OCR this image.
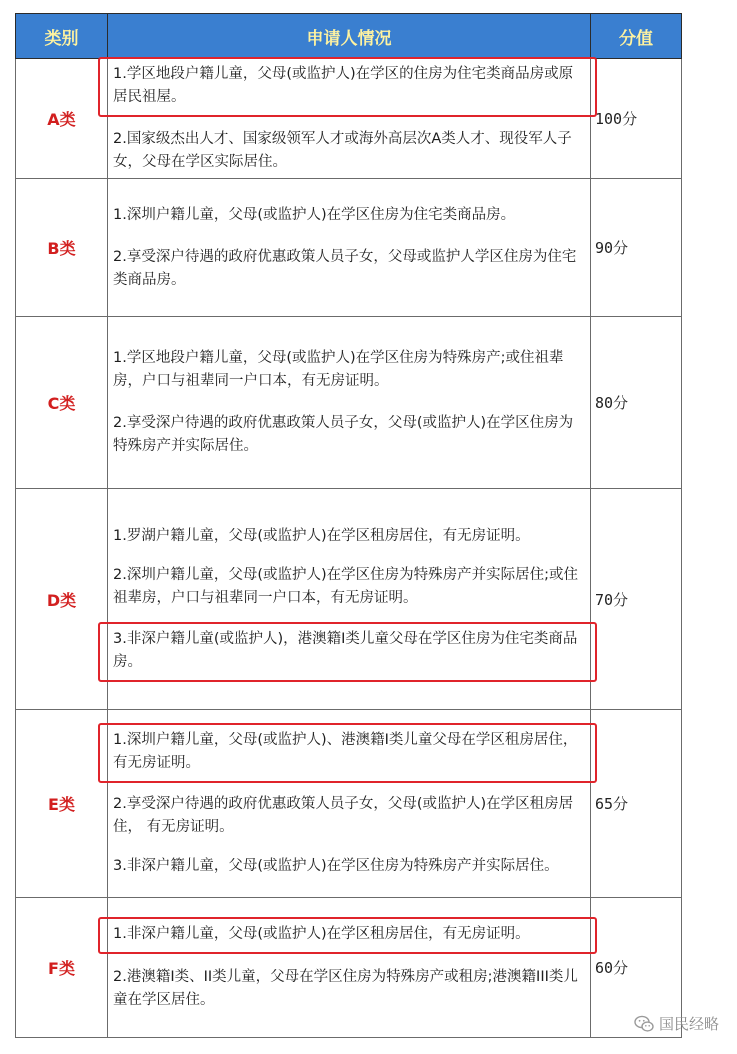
类别	申请人情况	分值
A类	1.学区地段户籍儿童，父母(或监护人)在学区的住房为住宅类商品房或原居民祖屋。
2.国家级杰出人才、国家级领军人才或海外高层次A类人才、现役军人子女，父母在学区实际居住。	100分
B类	1.深圳户籍儿童，父母(或监护人)在学区住房为住宅类商品房。
2.享受深户待遇的政府优惠政策人员子女，父母或监护人学区住房为住宅类商品房。	90分
C类	1.学区地段户籍儿童，父母(或监护人)在学区住房为特殊房产;或住祖辈房，户口与祖辈同一户口本，有无房证明。
2.享受深户待遇的政府优惠政策人员子女，父母(或监护人)在学区住房为特殊房产并实际居住。	80分
D类	1.罗湖户籍儿童，父母(或监护人)在学区租房居住，有无房证明。
2.深圳户籍儿童，父母(或监护人)在学区住房为特殊房产并实际居住;或住祖辈房，户口与祖辈同一户口本，有无房证明。
3.非深户籍儿童(或监护人)，港澳籍I类儿童父母在学区住房为住宅类商品房。	70分
E类	1.深圳户籍儿童，父母(或监护人)、港澳籍I类儿童父母在学区租房居住，有无房证明。
2.享受深户待遇的政府优惠政策人员子女，父母(或监护人)在学区租房居住， 有无房证明。
3.非深户籍儿童，父母(或监护人)在学区住房为特殊房产并实际居住。	65分
F类	1.非深户籍儿童，父母(或监护人)在学区租房居住，有无房证明。
2.港澳籍I类、II类儿童，父母在学区住房为特殊房产或租房;港澳籍III类儿童在学区居住。	60分
国民经略
